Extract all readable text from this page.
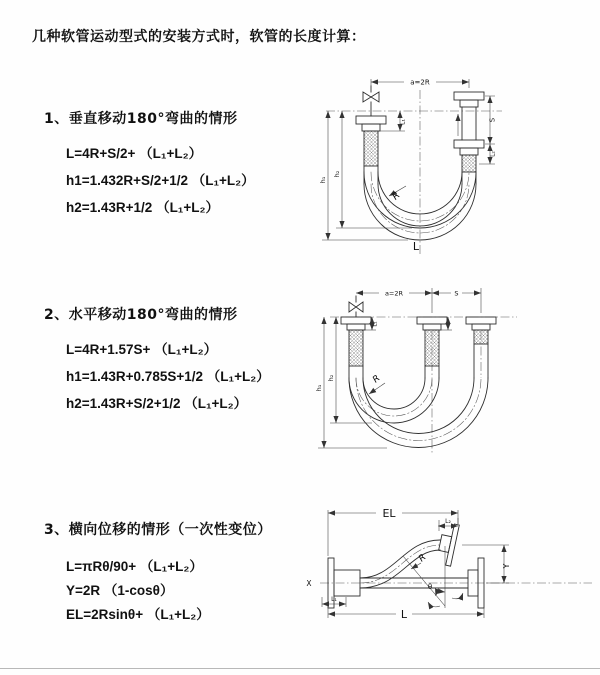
几种软管运动型式的安装方式时，软管的长度计算：
1、垂直移动180°弯曲的情形
L=4R+S/2+ （L₁+L₂）
h1=1.432R+S/2+1/2 （L₁+L₂）
h2=1.43R+1/2 （L₁+L₂）
2、水平移动180°弯曲的情形
L=4R+1.57S+ （L₁+L₂）
h1=1.43R+0.785S+1/2 （L₁+L₂）
h2=1.43R+S/2+1/2 （L₁+L₂）
3、横向位移的情形（一次性变位）
L=πRθ/90+ （L₁+L₂）
Y=2R （1-cosθ）
EL=2Rsinθ+ （L₁+L₂）
a=2R
S
L₂
h₁
h₂
L₁
R
L
a=2R	S
h₁
h₂
L₁
R
X
EL
L₂
Y
L
L₁
R
θ
